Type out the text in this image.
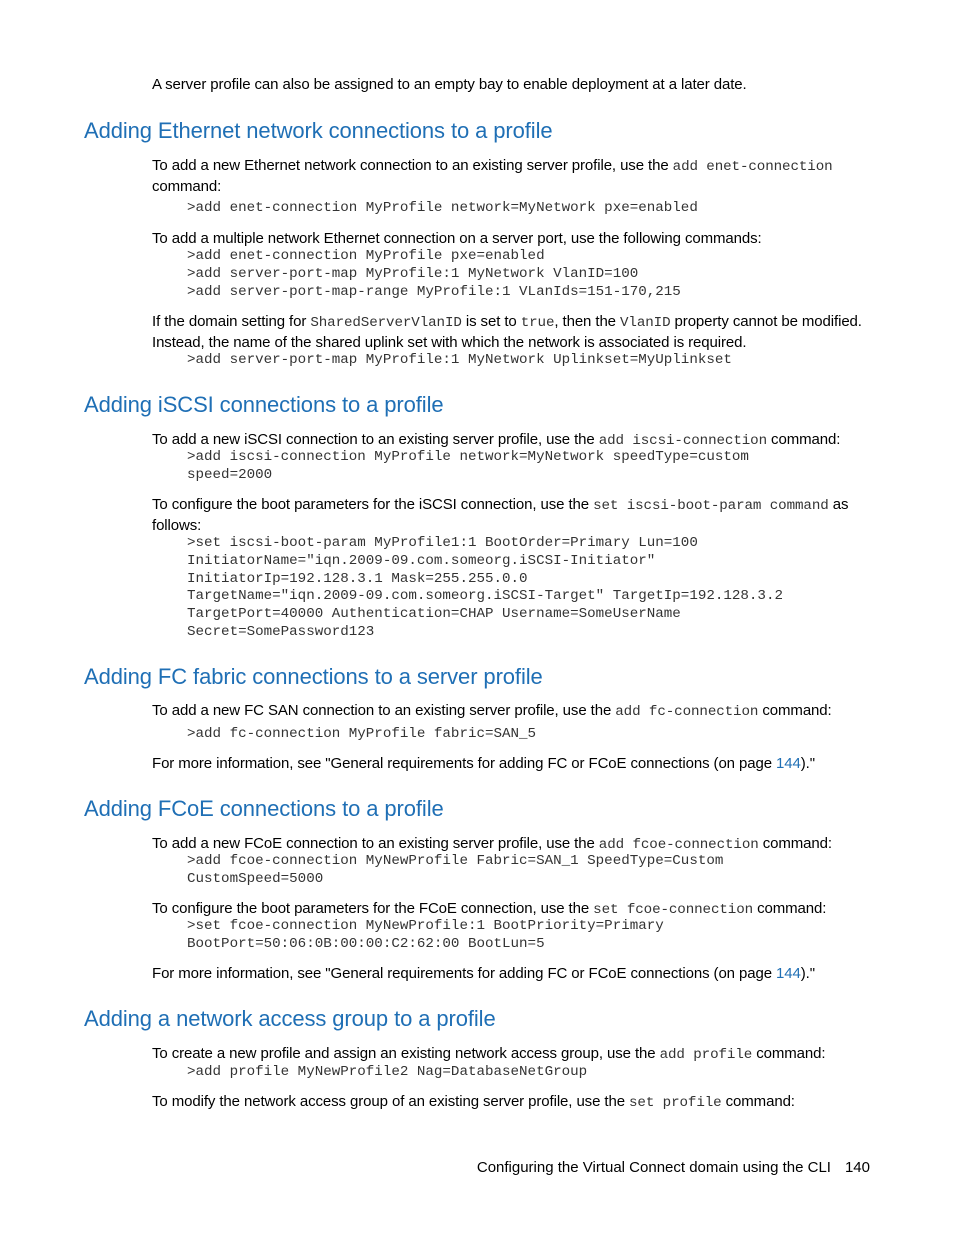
A server profile can also be assigned to an empty bay to enable deployment at a later date.
Adding Ethernet network connections to a profile
To add a new Ethernet network connection to an existing server profile, use the add enet-connection command:
>add enet-connection MyProfile network=MyNetwork pxe=enabled
To add a multiple network Ethernet connection on a server port, use the following commands:
>add enet-connection MyProfile pxe=enabled
>add server-port-map MyProfile:1 MyNetwork VlanID=100
>add server-port-map-range MyProfile:1 VLanIds=151-170,215
If the domain setting for SharedServerVlanID is set to true, then the VlanID property cannot be modified. Instead, the name of the shared uplink set with which the network is associated is required.
>add server-port-map MyProfile:1 MyNetwork Uplinkset=MyUplinkset
Adding iSCSI connections to a profile
To add a new iSCSI connection to an existing server profile, use the add iscsi-connection command:
>add iscsi-connection MyProfile network=MyNetwork speedType=custom
speed=2000
To configure the boot parameters for the iSCSI connection, use the set iscsi-boot-param command as follows:
>set iscsi-boot-param MyProfile1:1 BootOrder=Primary Lun=100
InitiatorName="iqn.2009-09.com.someorg.iSCSI-Initiator"
InitiatorIp=192.128.3.1 Mask=255.255.0.0
TargetName="iqn.2009-09.com.someorg.iSCSI-Target" TargetIp=192.128.3.2
TargetPort=40000 Authentication=CHAP Username=SomeUserName
Secret=SomePassword123
Adding FC fabric connections to a server profile
To add a new FC SAN connection to an existing server profile, use the add fc-connection command:
>add fc-connection MyProfile fabric=SAN_5
For more information, see "General requirements for adding FC or FCoE connections (on page 144)."
Adding FCoE connections to a profile
To add a new FCoE connection to an existing server profile, use the add fcoe-connection command:
>add fcoe-connection MyNewProfile Fabric=SAN_1 SpeedType=Custom
CustomSpeed=5000
To configure the boot parameters for the FCoE connection, use the set fcoe-connection command:
>set fcoe-connection MyNewProfile:1 BootPriority=Primary
BootPort=50:06:0B:00:00:C2:62:00 BootLun=5
For more information, see "General requirements for adding FC or FCoE connections (on page 144)."
Adding a network access group to a profile
To create a new profile and assign an existing network access group, use the add profile command:
>add profile MyNewProfile2 Nag=DatabaseNetGroup
To modify the network access group of an existing server profile, use the set profile command:
Configuring the Virtual Connect domain using the CLI 140
